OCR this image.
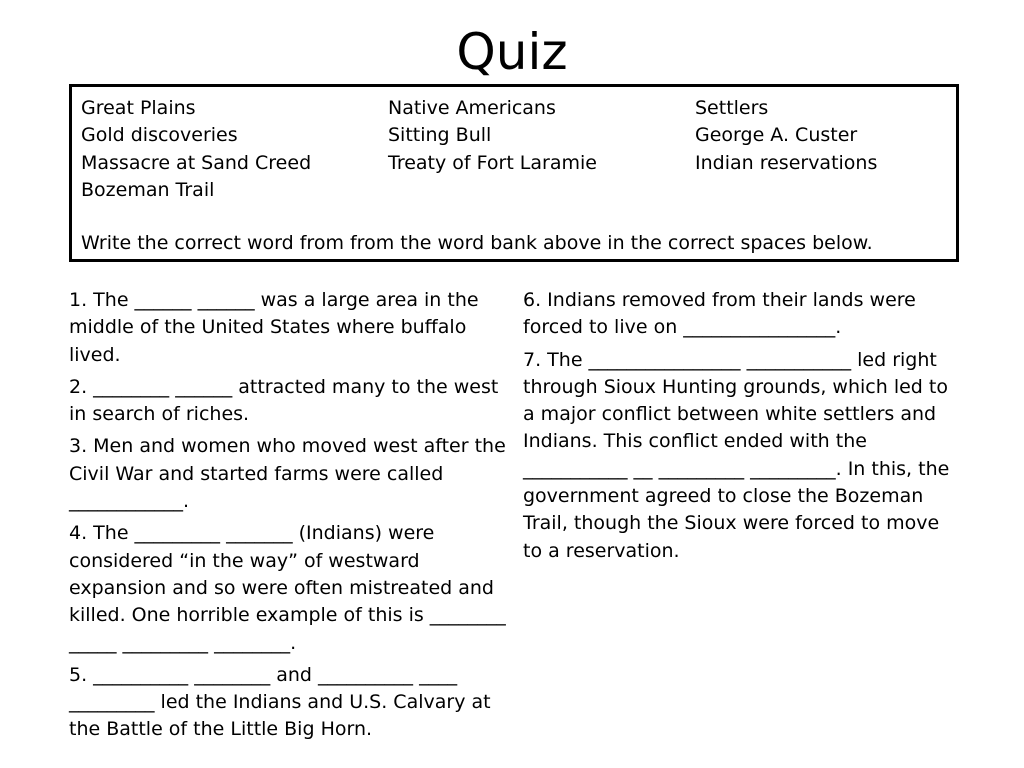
Quiz
Great Plains
Gold discoveries
Massacre at Sand Creed
Bozeman Trail
Native Americans
Sitting Bull
Treaty of Fort Laramie
Settlers
George A. Custer
Indian reservations
Write the correct word from from the word bank above in the correct spaces below.

1. The ______ ______ was a large area in the middle of the United States where buffalo lived.

2. ________ ______ attracted many to the west in search of riches.

3. Men and women who moved west after the Civil War and started farms were called ____________.

4. The _________ _______ (Indians) were considered “in the way” of westward expansion and so were often mistreated and killed. One horrible example of this is ________ _____ _________ ________.

5. __________ ________ and __________ ____ _________ led the Indians and U.S. Calvary at the Battle of the Little Big Horn.

6. Indians removed from their lands were forced to live on ________________.

7. The ________________ ___________ led right through Sioux Hunting grounds, which led to a major conflict between white settlers and Indians. This conflict ended with the ___________ __ _________ _________. In this, the government agreed to close the Bozeman Trail, though the Sioux were forced to move to a reservation.
